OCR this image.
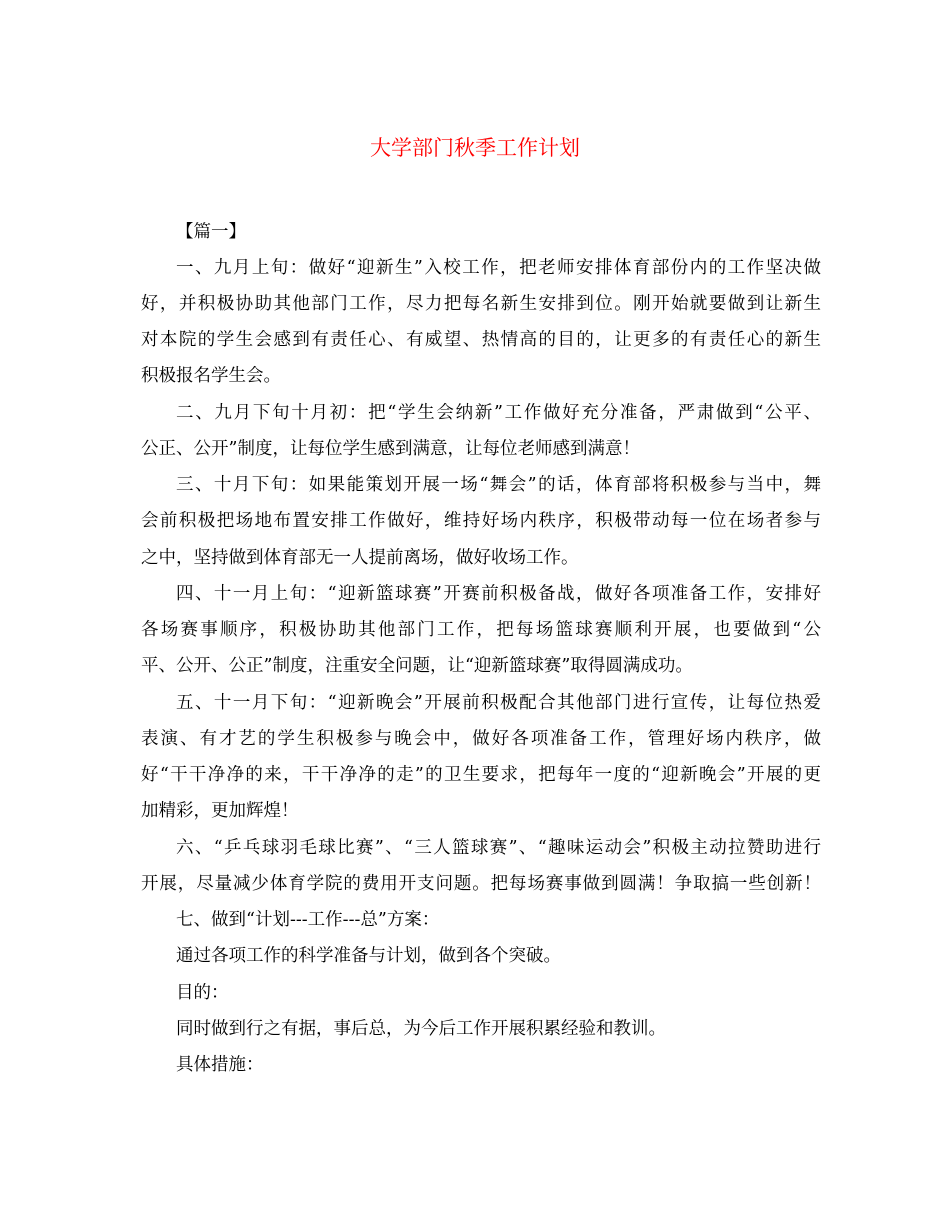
大学部门秋季工作计划
【篇一】
一、九月上旬：做好“迎新生”入校工作，把老师安排体育部份内的工作坚决做
好，并积极协助其他部门工作，尽力把每名新生安排到位。刚开始就要做到让新生
对本院的学生会感到有责任心、有威望、热情高的目的，让更多的有责任心的新生
积极报名学生会。
二、九月下旬十月初：把“学生会纳新”工作做好充分准备，严肃做到“公平、
公正、公开”制度，让每位学生感到满意，让每位老师感到满意！
三、十月下旬：如果能策划开展一场“舞会”的话，体育部将积极参与当中，舞
会前积极把场地布置安排工作做好，维持好场内秩序，积极带动每一位在场者参与
之中，坚持做到体育部无一人提前离场，做好收场工作。
四、十一月上旬：“迎新篮球赛”开赛前积极备战，做好各项准备工作，安排好
各场赛事顺序，积极协助其他部门工作，把每场篮球赛顺利开展，也要做到“公
平、公开、公正”制度，注重安全问题，让“迎新篮球赛”取得圆满成功。
五、十一月下旬：“迎新晚会”开展前积极配合其他部门进行宣传，让每位热爱
表演、有才艺的学生积极参与晚会中，做好各项准备工作，管理好场内秩序，做
好“干干净净的来，干干净净的走”的卫生要求，把每年一度的“迎新晚会”开展的更
加精彩，更加辉煌！
六、“乒乓球羽毛球比赛”、“三人篮球赛”、“趣味运动会”积极主动拉赞助进行
开展，尽量减少体育学院的费用开支问题。把每场赛事做到圆满！争取搞一些创新！
七、做到“计划---工作---总”方案：
通过各项工作的科学准备与计划，做到各个突破。
目的：
同时做到行之有据，事后总，为今后工作开展积累经验和教训。
具体措施：
